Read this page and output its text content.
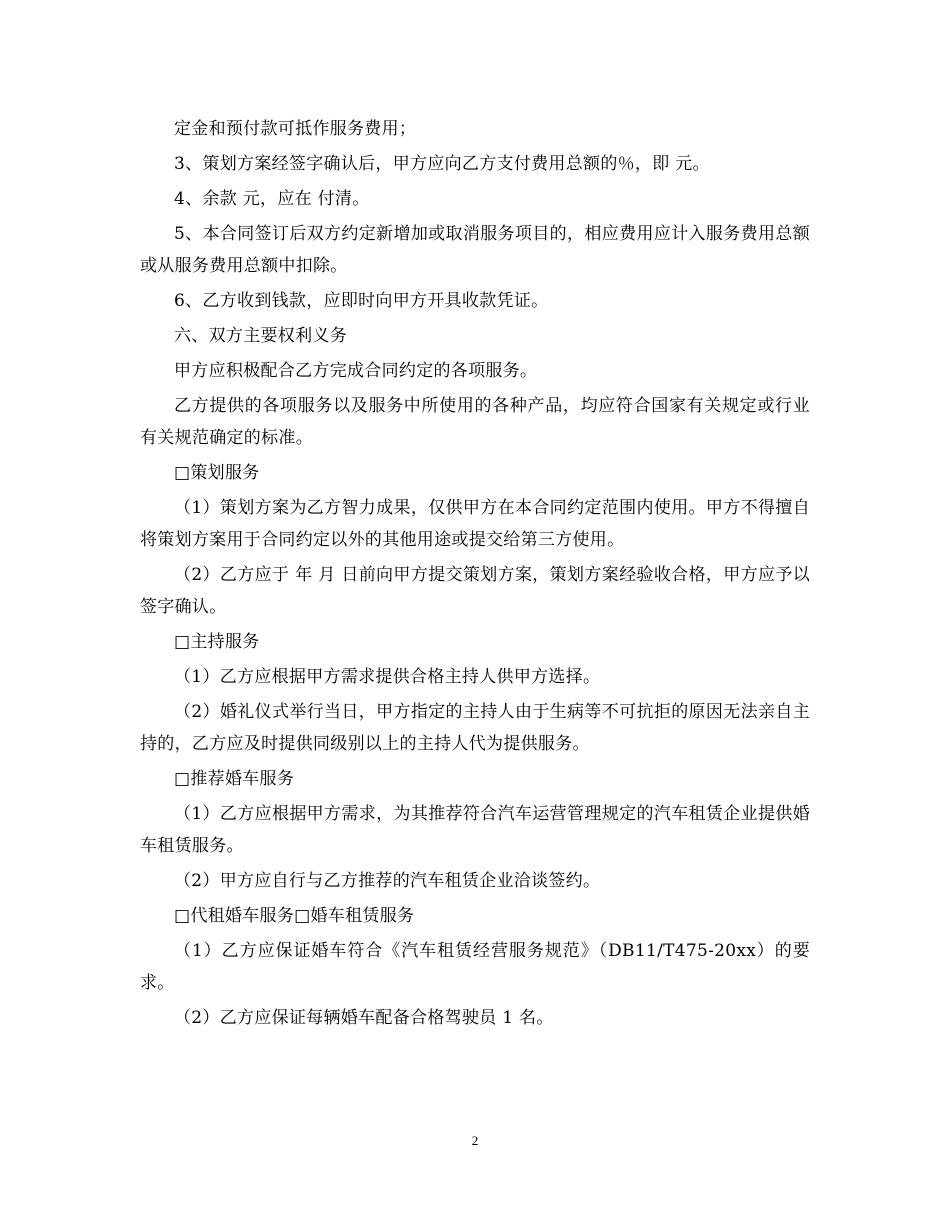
定金和预付款可抵作服务费用；

3、策划方案经签字确认后，甲方应向乙方支付费用总额的％，即 元。

4、余款 元，应在 付清。

5、本合同签订后双方约定新增加或取消服务项目的，相应费用应计入服务费用总额或从服务费用总额中扣除。

6、乙方收到钱款，应即时向甲方开具收款凭证。

六、双方主要权利义务

甲方应积极配合乙方完成合同约定的各项服务。

乙方提供的各项服务以及服务中所使用的各种产品，均应符合国家有关规定或行业有关规范确定的标准。

□策划服务

（1）策划方案为乙方智力成果，仅供甲方在本合同约定范围内使用。甲方不得擅自将策划方案用于合同约定以外的其他用途或提交给第三方使用。

（2）乙方应于 年 月 日前向甲方提交策划方案，策划方案经验收合格，甲方应予以签字确认。

□主持服务

（1）乙方应根据甲方需求提供合格主持人供甲方选择。

（2）婚礼仪式举行当日，甲方指定的主持人由于生病等不可抗拒的原因无法亲自主持的，乙方应及时提供同级别以上的主持人代为提供服务。

□推荐婚车服务

（1）乙方应根据甲方需求，为其推荐符合汽车运营管理规定的汽车租赁企业提供婚车租赁服务。

（2）甲方应自行与乙方推荐的汽车租赁企业洽谈签约。

□代租婚车服务□婚车租赁服务

（1）乙方应保证婚车符合《汽车租赁经营服务规范》（DB11/T475-20xx）的要求。

（2）乙方应保证每辆婚车配备合格驾驶员 1 名。

2
